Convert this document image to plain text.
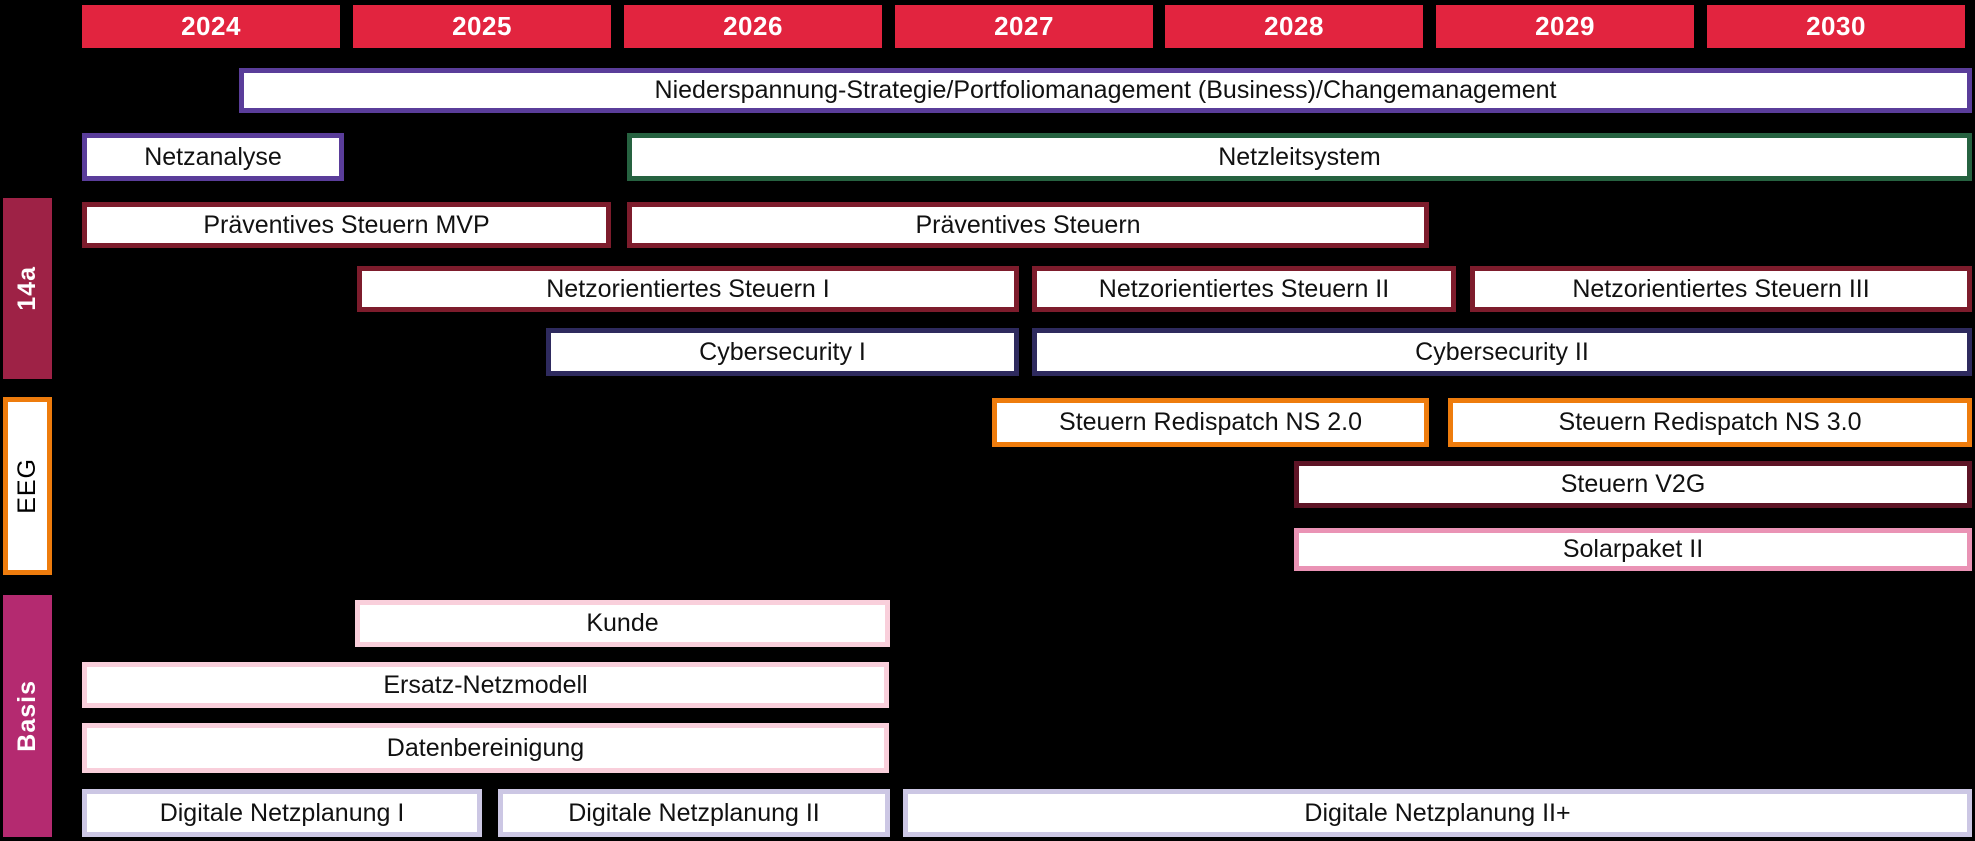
2024	2025	2026	2027	2028	2029	2030
14a
EEG
Basis
Niederspannung-Strategie/Portfoliomanagement (Business)/Changemanagement
Netzanalyse	Netzleitsystem
Präventives Steuern MVP	Präventives Steuern
Netzorientiertes Steuern I	Netzorientiertes Steuern II	Netzorientiertes Steuern III
Cybersecurity I	Cybersecurity II
Steuern Redispatch NS 2.0	Steuern Redispatch NS 3.0
Steuern V2G
Solarpaket II
Kunde
Ersatz-Netzmodell
Datenbereinigung
Digitale Netzplanung I	Digitale Netzplanung II	Digitale Netzplanung II+
